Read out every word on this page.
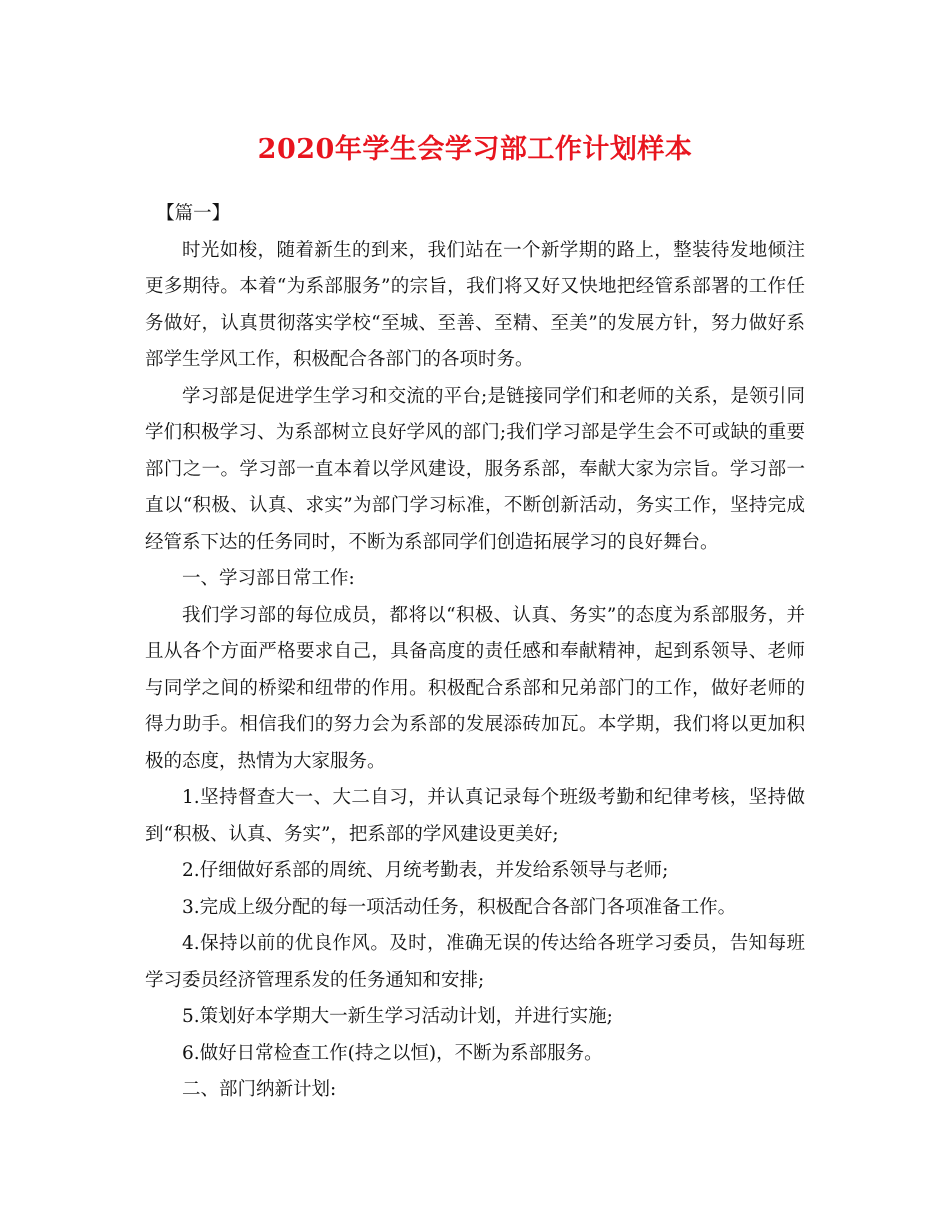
2020年学生会学习部工作计划样本

【篇一】

时光如梭，随着新生的到来，我们站在一个新学期的路上，整装待发地倾注更多期待。本着“为系部服务”的宗旨，我们将又好又快地把经管系部署的工作任务做好，认真贯彻落实学校“至城、至善、至精、至美”的发展方针，努力做好系部学生学风工作，积极配合各部门的各项时务。

学习部是促进学生学习和交流的平台;是链接同学们和老师的关系，是领引同学们积极学习、为系部树立良好学风的部门;我们学习部是学生会不可或缺的重要部门之一。学习部一直本着以学风建设，服务系部，奉献大家为宗旨。学习部一直以“积极、认真、求实”为部门学习标准，不断创新活动，务实工作，坚持完成经管系下达的任务同时，不断为系部同学们创造拓展学习的良好舞台。

一、学习部日常工作:

我们学习部的每位成员，都将以“积极、认真、务实”的态度为系部服务，并且从各个方面严格要求自己，具备高度的责任感和奉献精神，起到系领导、老师与同学之间的桥梁和纽带的作用。积极配合系部和兄弟部门的工作，做好老师的得力助手。相信我们的努力会为系部的发展添砖加瓦。本学期，我们将以更加积极的态度，热情为大家服务。

1.坚持督查大一、大二自习，并认真记录每个班级考勤和纪律考核，坚持做到“积极、认真、务实”，把系部的学风建设更美好;

2.仔细做好系部的周统、月统考勤表，并发给系领导与老师;

3.完成上级分配的每一项活动任务，积极配合各部门各项准备工作。

4.保持以前的优良作风。及时，准确无误的传达给各班学习委员，告知每班学习委员经济管理系发的任务通知和安排;

5.策划好本学期大一新生学习活动计划，并进行实施;

6.做好日常检查工作(持之以恒)，不断为系部服务。

二、部门纳新计划:
